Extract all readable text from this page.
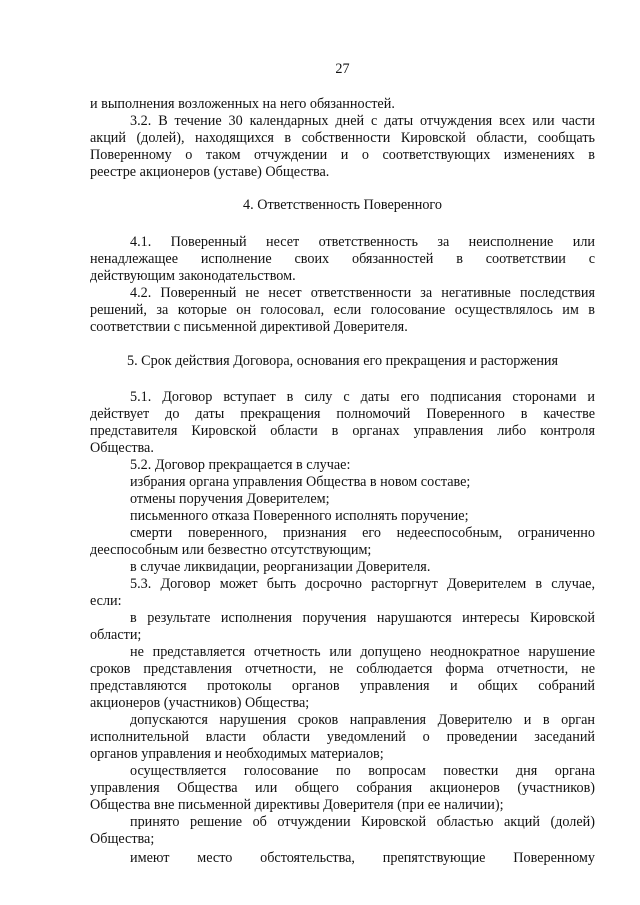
27
и выполнения возложенных на него обязанностей.
3.2. В течение 30 календарных дней с даты отчуждения всех или части
акций (долей), находящихся в собственности Кировской области, сообщать
Поверенному о таком отчуждении и о соответствующих изменениях в
реестре акционеров (уставе) Общества.
4. Ответственность Поверенного
4.1. Поверенный несет ответственность за неисполнение или
ненадлежащее исполнение своих обязанностей в соответствии с
действующим законодательством.
4.2. Поверенный не несет ответственности за негативные последствия
решений, за которые он голосовал, если голосование осуществлялось им в
соответствии с письменной директивой Доверителя.
5. Срок действия Договора, основания его прекращения и расторжения
5.1. Договор вступает в силу с даты его подписания сторонами и
действует до даты прекращения полномочий Поверенного в качестве
представителя Кировской области в органах управления либо контроля
Общества.
5.2. Договор прекращается в случае:
избрания органа управления Общества в новом составе;
отмены поручения Доверителем;
письменного отказа Поверенного исполнять поручение;
смерти поверенного, признания его недееспособным, ограниченно
дееспособным или безвестно отсутствующим;
в случае ликвидации, реорганизации Доверителя.
5.3. Договор может быть досрочно расторгнут Доверителем в случае,
если:
в результате исполнения поручения нарушаются интересы Кировской
области;
не представляется отчетность или допущено неоднократное нарушение
сроков представления отчетности, не соблюдается форма отчетности, не
представляются протоколы органов управления и общих собраний
акционеров (участников) Общества;
допускаются нарушения сроков направления Доверителю и в орган
исполнительной власти области уведомлений о проведении заседаний
органов управления и необходимых материалов;
осуществляется голосование по вопросам повестки дня органа
управления Общества или общего собрания акционеров (участников)
Общества вне письменной директивы Доверителя (при ее наличии);
принято решение об отчуждении Кировской областью акций (долей)
Общества;
имеют место обстоятельства, препятствующие Поверенному
